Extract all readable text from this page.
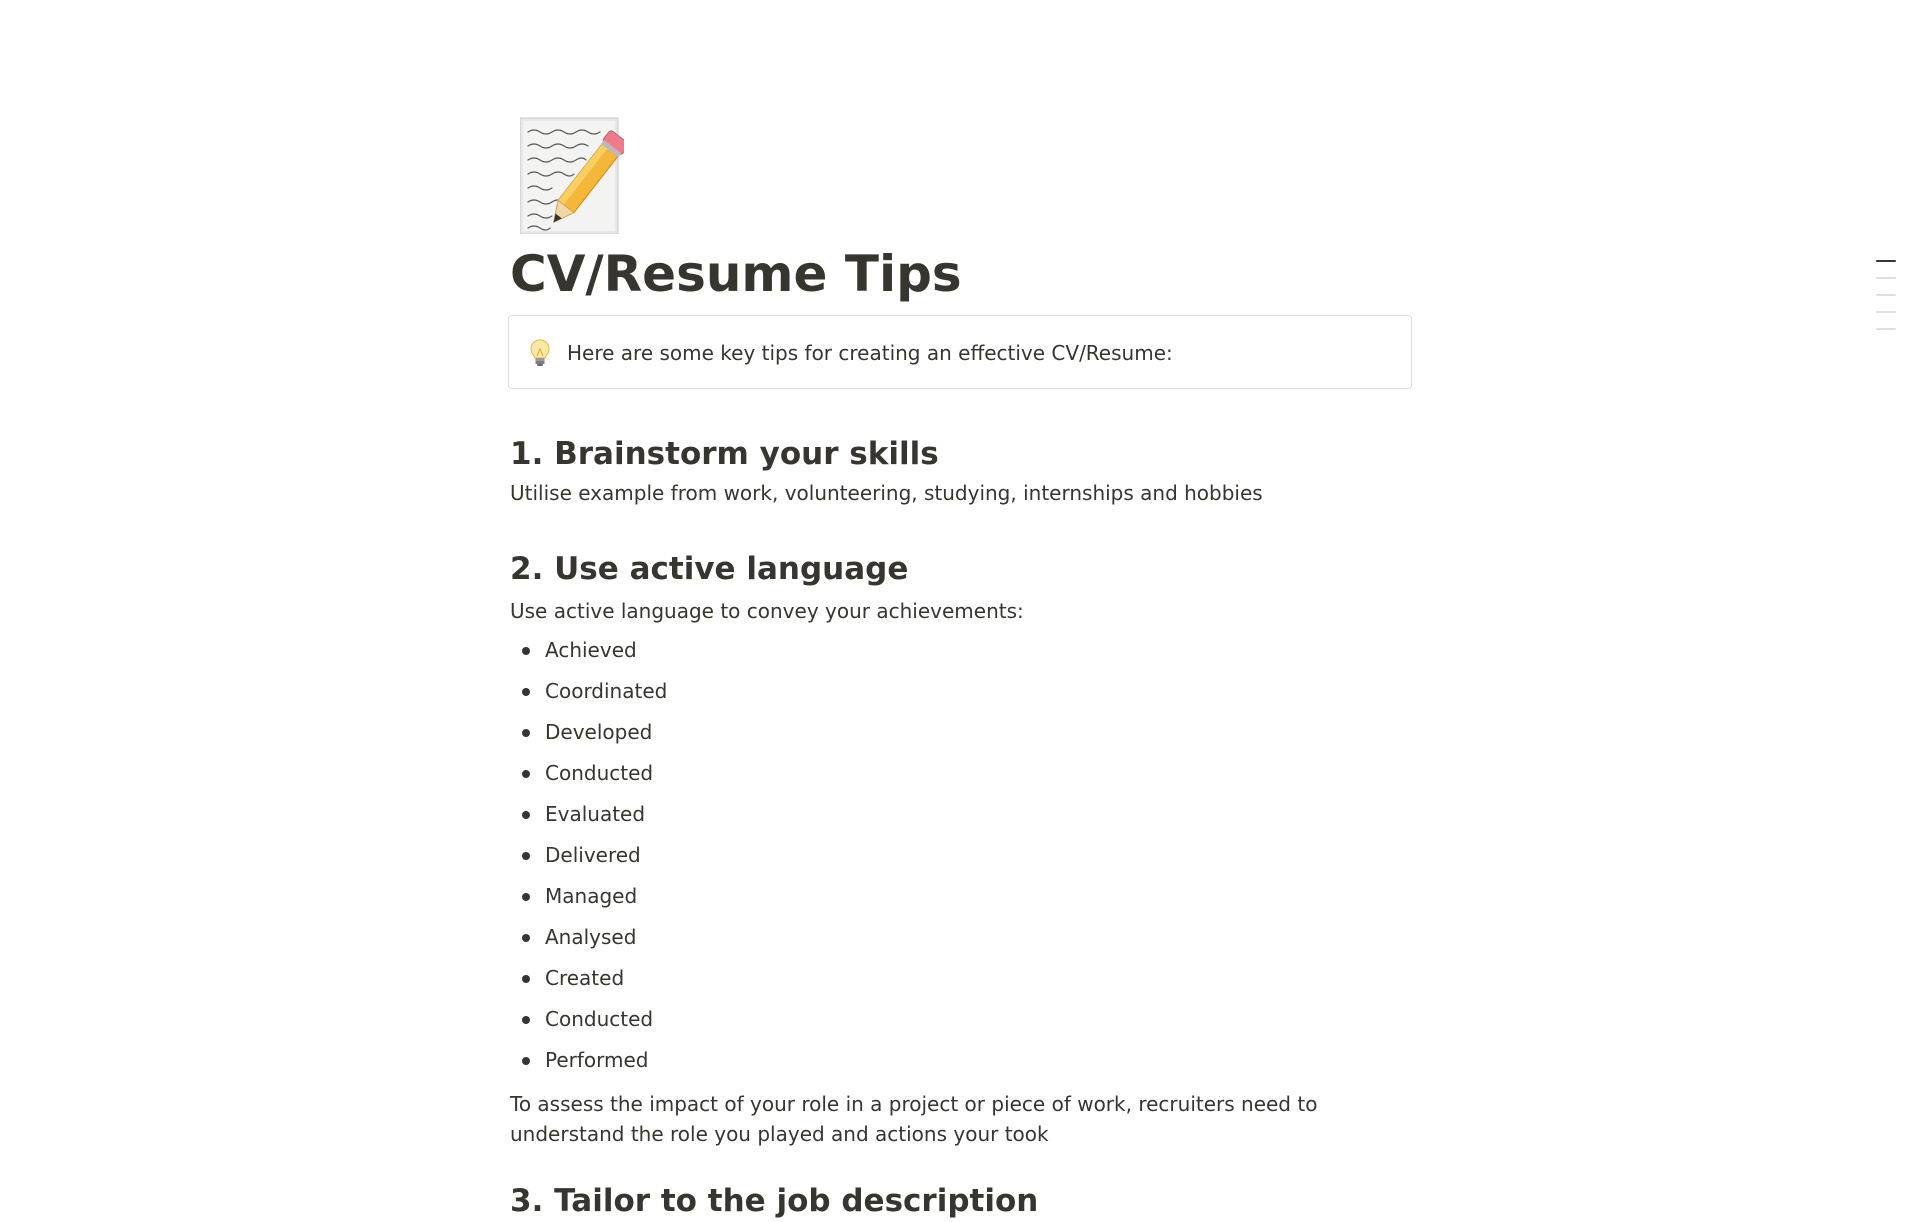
CV/Resume Tips
Here are some key tips for creating an effective CV/Resume:
1. Brainstorm your skills

Utilise example from work, volunteering, studying, internships and hobbies

2. Use active language

Use active language to convey your achievements:

Achieved
Coordinated
Developed
Conducted
Evaluated
Delivered
Managed
Analysed
Created
Conducted
Performed

To assess the impact of your role in a project or piece of work, recruiters need to understand the role you played and actions your took

3. Tailor to the job description
